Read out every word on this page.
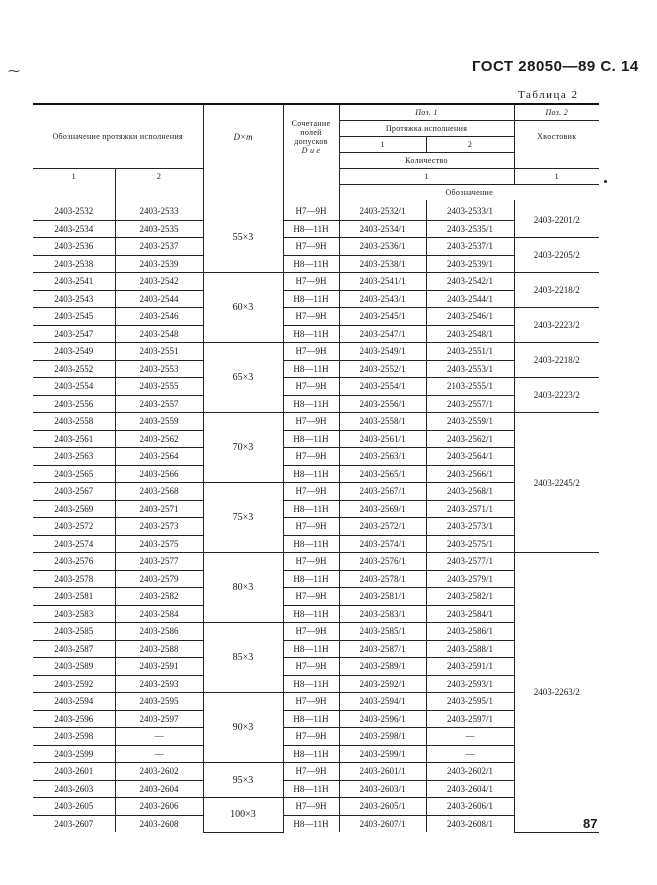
ГОСТ 28050—89 С. 14
Таблица 2
⁓
Обозначение протяжки исполнения		D×m	Сочетание полей допусков
D и е	Поз. 1		Поз. 2
				Протяжка исполнения		Хвостовик
				1	2	
				Количество		
1	2			1		1
				Обозначение		
2403-2532	2403-2533	55×3	H7—9H	2403-2532/1	2403-2533/1	2403-2201/2
2403-2534	2403-2535		H8—11H	2403-2534/1	2403-2535/1	
2403-2536	2403-2537		H7—9H	2403-2536/1	2403-2537/1	2403-2205/2
2403-2538	2403-2539		H8—11H	2403-2538/1	2403-2539/1	
2403-2541	2403-2542	60×3	H7—9H	2403-2541/1	2403-2542/1	2403-2218/2
2403-2543	2403-2544		H8—11H	2403-2543/1	2403-2544/1	
2403-2545	2403-2546		H7—9H	2403-2545/1	2403-2546/1	2403-2223/2
2403-2547	2403-2548		H8—11H	2403-2547/1	2403-2548/1	
2403-2549	2403-2551	65×3	H7—9H	2403-2549/1	2403-2551/1	2403-2218/2
2403-2552	2403-2553		H8—11H	2403-2552/1	2403-2553/1	
2403-2554	2403-2555		H7—9H	2403-2554/1	2103-2555/1	2403-2223/2
2403-2556	2403-2557		H8—11H	2403-2556/1	2403-2557/1	
2403-2558	2403-2559	70×3	H7—9H	2403-2558/1	2403-2559/1	2403-2245/2
2403-2561	2403-2562		H8—11H	2403-2561/1	2403-2562/1	
2403-2563	2403-2564		H7—9H	2403-2563/1	2403-2564/1	
2403-2565	2403-2566		H8—11H	2403-2565/1	2403-2566/1	
2403-2567	2403-2568	75×3	H7—9H	2403-2567/1	2403-2568/1	
2403-2569	2403-2571		H8—11H	2403-2569/1	2403-2571/1	
2403-2572	2403-2573		H7—9H	2403-2572/1	2403-2573/1	
2403-2574	2403-2575		H8—11H	2403-2574/1	2403-2575/1	
2403-2576	2403-2577	80×3	H7—9H	2403-2576/1	2403-2577/1	2403-2263/2
2403-2578	2403-2579		H8—11H	2403-2578/1	2403-2579/1	
2403-2581	2403-2582		H7—9H	2403-2581/1	2403-2582/1	
2403-2583	2403-2584		H8—11H	2403-2583/1	2403-2584/1	
2403-2585	2403-2586	85×3	H7—9H	2403-2585/1	2403-2586/1	
2403-2587	2403-2588		H8—11H	2403-2587/1	2403-2588/1	
2403-2589	2403-2591		H7—9H	2403-2589/1	2403-2591/1	
2403-2592	2403-2593		H8—11H	2403-2592/1	2403-2593/1	
2403-2594	2403-2595	90×3	H7—9H	2403-2594/1	2403-2595/1	
2403-2596	2403-2597		H8—11H	2403-2596/1	2403-2597/1	
2403-2598	—		H7—9H	2403-2598/1	—	
2403-2599	—		H8—11H	2403-2599/1	—	
2403-2601	2403-2602	95×3	H7—9H	2403-2601/1	2403-2602/1	
2403-2603	2403-2604		H8—11H	2403-2603/1	2403-2604/1	
2403-2605	2403-2606	100×3	H7—9H	2403-2605/1	2403-2606/1	
2403-2607	2403-2608		H8—11H	2403-2607/1	2403-2608/1		87
